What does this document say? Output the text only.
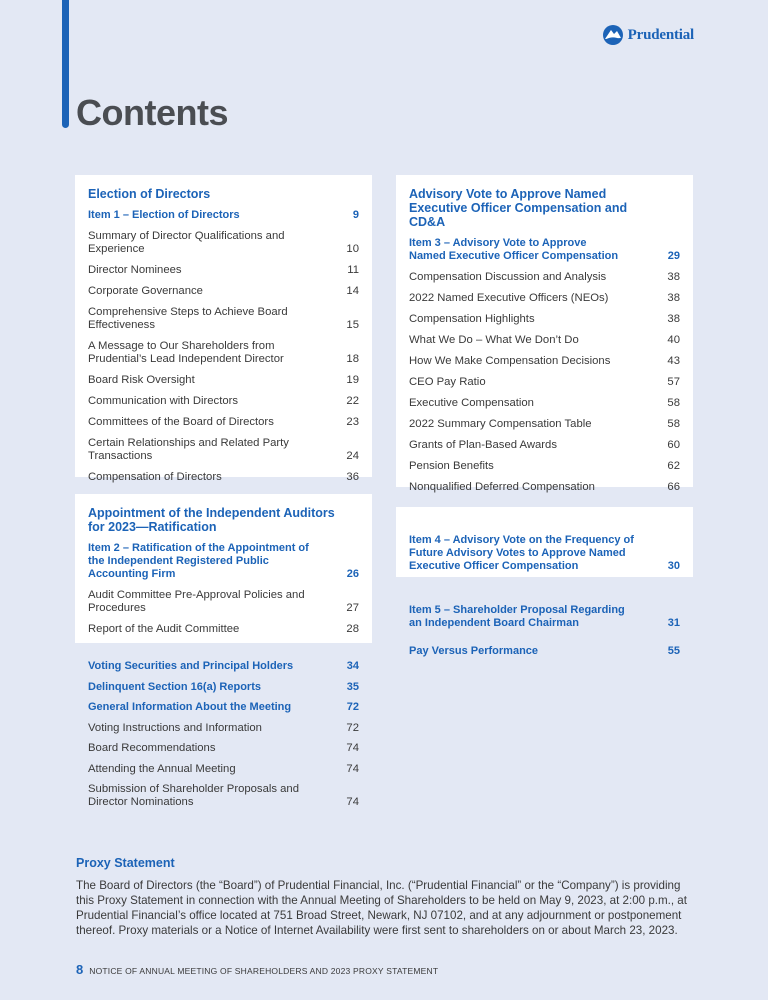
Prudential
Contents
Election of Directors
Item 1 – Election of Directors	9
Summary of Director Qualifications and Experience	10
Director Nominees	11
Corporate Governance	14
Comprehensive Steps to Achieve Board Effectiveness	15
A Message to Our Shareholders from Prudential’s Lead Independent Director	18
Board Risk Oversight	19
Communication with Directors	22
Committees of the Board of Directors	23
Certain Relationships and Related Party Transactions	24
Compensation of Directors	36
Appointment of the Independent Auditors for 2023—Ratification
Item 2 – Ratification of the Appointment of the Independent Registered Public Accounting Firm	26
Audit Committee Pre-Approval Policies and Procedures	27
Report of the Audit Committee	28
Voting Securities and Principal Holders	34
Delinquent Section 16(a) Reports	35
General Information About the Meeting	72
Voting Instructions and Information	72
Board Recommendations	74
Attending the Annual Meeting	74
Submission of Shareholder Proposals and Director Nominations	74
Advisory Vote to Approve Named Executive Officer Compensation and CD&A
Item 3 – Advisory Vote to Approve Named Executive Officer Compensation	29
Compensation Discussion and Analysis	38
2022 Named Executive Officers (NEOs)	38
Compensation Highlights	38
What We Do – What We Don’t Do	40
How We Make Compensation Decisions	43
CEO Pay Ratio	57
Executive Compensation	58
2022 Summary Compensation Table	58
Grants of Plan-Based Awards	60
Pension Benefits	62
Nonqualified Deferred Compensation	66
Item 4 – Advisory Vote on the Frequency of Future Advisory Votes to Approve Named Executive Officer Compensation	30
Item 5 – Shareholder Proposal Regarding an Independent Board Chairman	31
Pay Versus Performance	55
Proxy Statement
The Board of Directors (the “Board”) of Prudential Financial, Inc. (“Prudential Financial” or the “Company”) is providing this Proxy Statement in connection with the Annual Meeting of Shareholders to be held on May 9, 2023, at 2:00 p.m., at Prudential Financial’s office located at 751 Broad Street, Newark, NJ 07102, and at any adjournment or postponement thereof. Proxy materials or a Notice of Internet Availability were first sent to shareholders on or about March 23, 2023.
8 NOTICE OF ANNUAL MEETING OF SHAREHOLDERS AND 2023 PROXY STATEMENT
